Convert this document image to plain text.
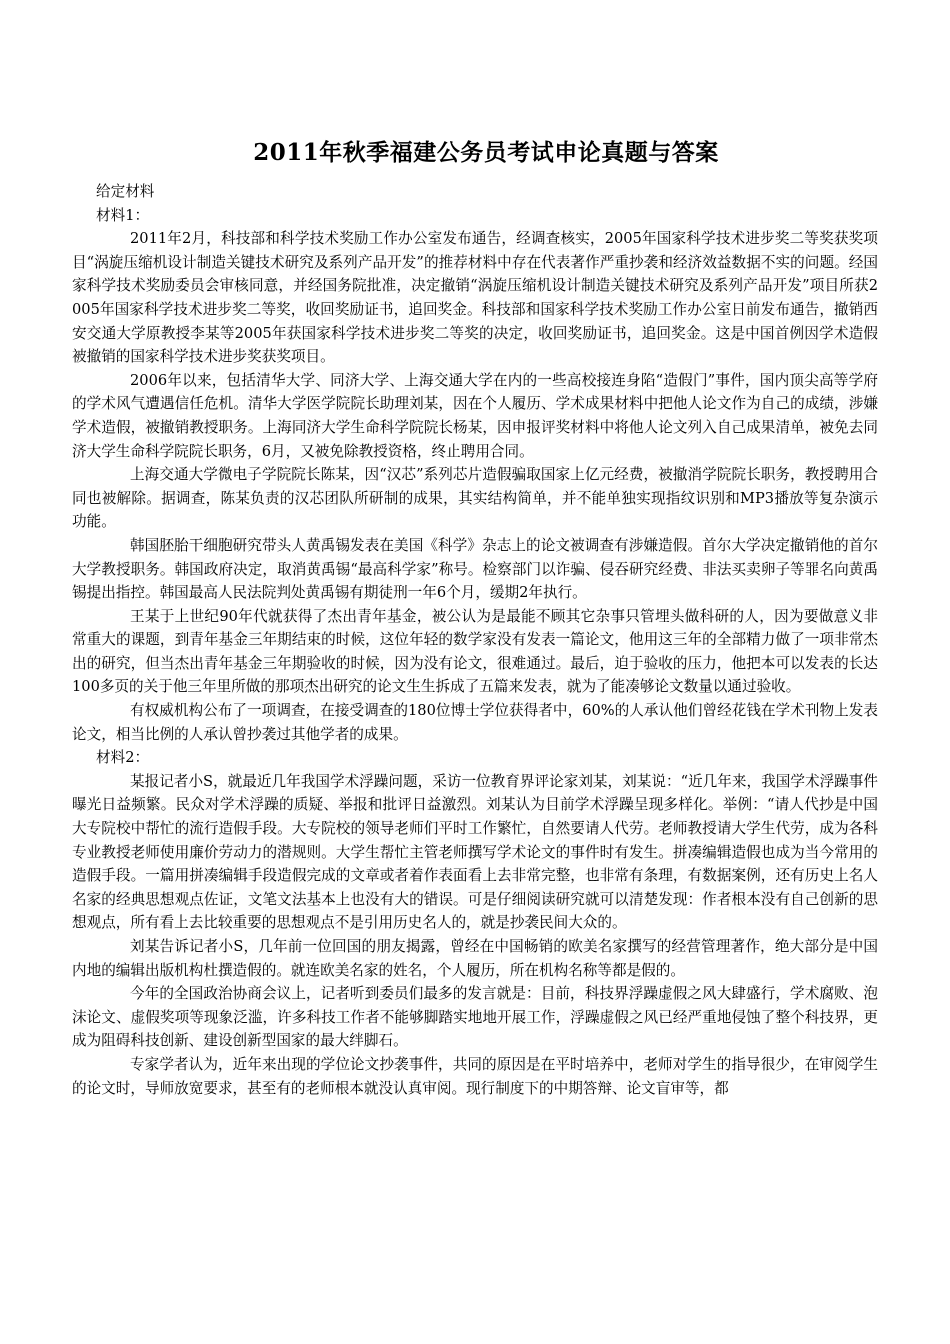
2011年秋季福建公务员考试申论真题与答案

给定材料

材料1：

2011年2月，科技部和科学技术奖励工作办公室发布通告，经调查核实，2005年国家科学技术进步奖二等奖获奖项目“涡旋压缩机设计制造关键技术研究及系列产品开发”的推荐材料中存在代表著作严重抄袭和经济效益数据不实的问题。经国家科学技术奖励委员会审核同意，并经国务院批准，决定撤销“涡旋压缩机设计制造关键技术研究及系列产品开发”项目所获2005年国家科学技术进步奖二等奖，收回奖励证书，追回奖金。科技部和国家科学技术奖励工作办公室日前发布通告，撤销西安交通大学原教授李某等2005年获国家科学技术进步奖二等奖的决定，收回奖励证书，追回奖金。这是中国首例因学术造假被撤销的国家科学技术进步奖获奖项目。

2006年以来，包括清华大学、同济大学、上海交通大学在内的一些高校接连身陷“造假门”事件，国内顶尖高等学府的学术风气遭遇信任危机。清华大学医学院院长助理刘某，因在个人履历、学术成果材料中把他人论文作为自己的成绩，涉嫌学术造假，被撤销教授职务。上海同济大学生命科学院院长杨某，因申报评奖材料中将他人论文列入自己成果清单，被免去同济大学生命科学院院长职务，6月，又被免除教授资格，终止聘用合同。

上海交通大学微电子学院院长陈某，因“汉芯”系列芯片造假骗取国家上亿元经费，被撤消学院院长职务，教授聘用合同也被解除。据调查，陈某负责的汉芯团队所研制的成果，其实结构简单，并不能单独实现指纹识别和MP3播放等复杂演示功能。

韩国胚胎干细胞研究带头人黄禹锡发表在美国《科学》杂志上的论文被调查有涉嫌造假。首尔大学决定撤销他的首尔大学教授职务。韩国政府决定，取消黄禹锡“最高科学家”称号。检察部门以诈骗、侵吞研究经费、非法买卖卵子等罪名向黄禹锡提出指控。韩国最高人民法院判处黄禹锡有期徒刑一年6个月，缓期2年执行。

王某于上世纪90年代就获得了杰出青年基金，被公认为是最能不顾其它杂事只管埋头做科研的人，因为要做意义非常重大的课题，到青年基金三年期结束的时候，这位年轻的数学家没有发表一篇论文，他用这三年的全部精力做了一项非常杰出的研究，但当杰出青年基金三年期验收的时候，因为没有论文，很难通过。最后，迫于验收的压力，他把本可以发表的长达100多页的关于他三年里所做的那项杰出研究的论文生生拆成了五篇来发表，就为了能凑够论文数量以通过验收。

有权威机构公布了一项调查，在接受调查的180位博士学位获得者中，60%的人承认他们曾经花钱在学术刊物上发表论文，相当比例的人承认曾抄袭过其他学者的成果。

材料2：

某报记者小S，就最近几年我国学术浮躁问题，采访一位教育界评论家刘某，刘某说：“近几年来，我国学术浮躁事件曝光日益频繁。民众对学术浮躁的质疑、举报和批评日益激烈。刘某认为目前学术浮躁呈现多样化。举例：“请人代抄是中国大专院校中帮忙的流行造假手段。大专院校的领导老师们平时工作繁忙，自然要请人代劳。老师教授请大学生代劳，成为各科专业教授老师使用廉价劳动力的潜规则。大学生帮忙主管老师撰写学术论文的事件时有发生。拼凑编辑造假也成为当今常用的造假手段。一篇用拼凑编辑手段造假完成的文章或者着作表面看上去非常完整，也非常有条理，有数据案例，还有历史上名人名家的经典思想观点佐证，文笔文法基本上也没有大的错误。可是仔细阅读研究就可以清楚发现：作者根本没有自己创新的思想观点，所有看上去比较重要的思想观点不是引用历史名人的，就是抄袭民间大众的。

刘某告诉记者小S，几年前一位回国的朋友揭露，曾经在中国畅销的欧美名家撰写的经营管理著作，绝大部分是中国内地的编辑出版机构杜撰造假的。就连欧美名家的姓名，个人履历，所在机构名称等都是假的。

今年的全国政治协商会议上，记者听到委员们最多的发言就是：目前，科技界浮躁虚假之风大肆盛行，学术腐败、泡沫论文、虚假奖项等现象泛滥，许多科技工作者不能够脚踏实地地开展工作，浮躁虚假之风已经严重地侵蚀了整个科技界，更成为阻碍科技创新、建设创新型国家的最大绊脚石。

专家学者认为，近年来出现的学位论文抄袭事件，共同的原因是在平时培养中，老师对学生的指导很少，在审阅学生的论文时，导师放宽要求，甚至有的老师根本就没认真审阅。现行制度下的中期答辩、论文盲审等，都
